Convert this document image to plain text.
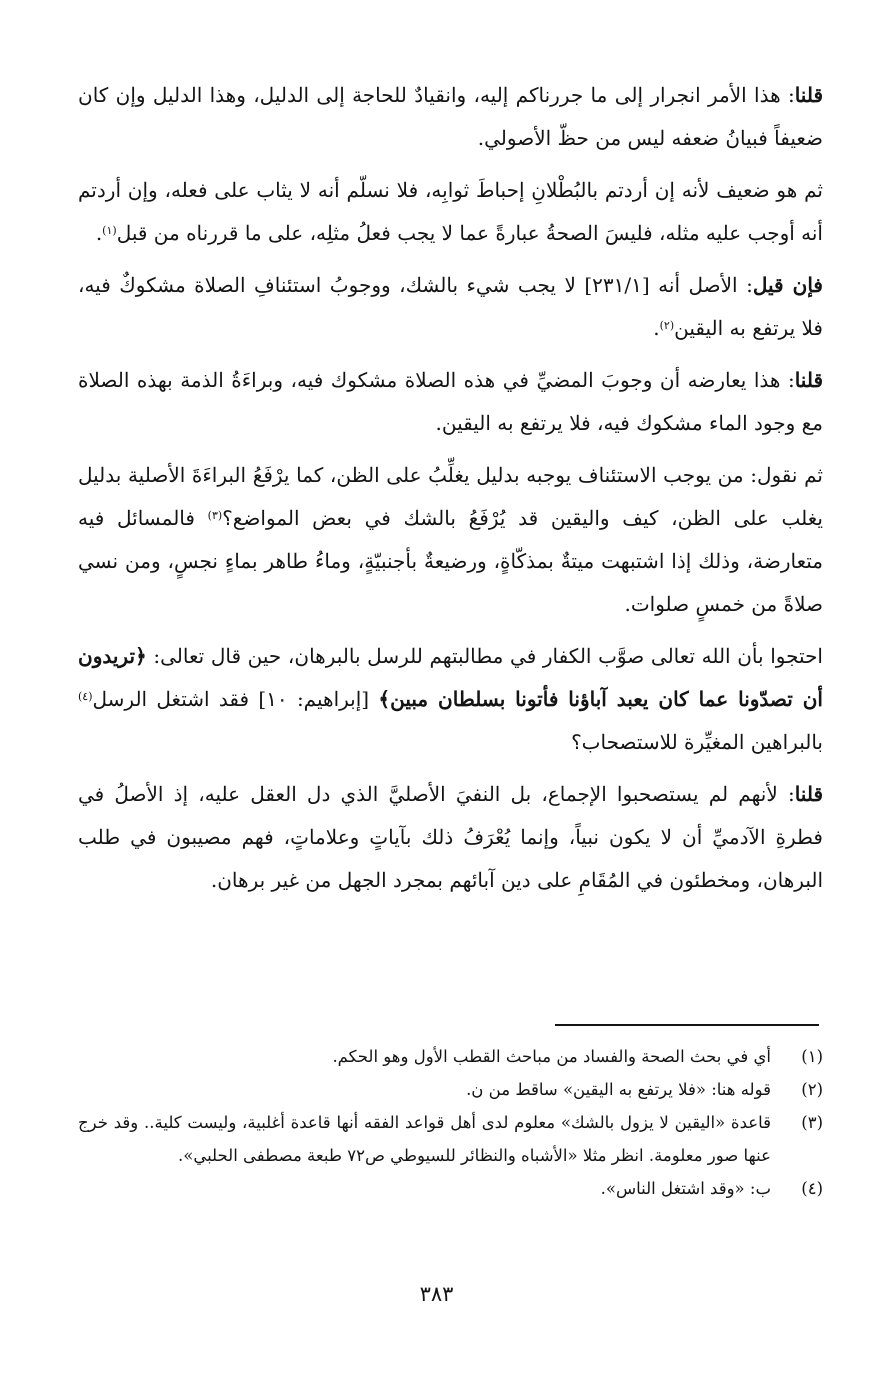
قلنا: هذا الأمر انجرار إلى ما جررناكم إليه، وانقيادٌ للحاجة إلى الدليل، وهذا الدليل وإن كان ضعيفاً فبيانُ ضعفه ليس من حظّ الأصولي.

ثم هو ضعيف لأنه إن أردتم بالبُطْلانِ إحباطَ ثوابِه، فلا نسلّم أنه لا يثاب على فعله، وإن أردتم أنه أوجب عليه مثله، فليسَ الصحةُ عبارةً عما لا يجب فعلُ مثلِه، على ما قررناه من قبل$^{(١)}$.

فإن قيل: الأصل أنه [٢٣١/١] لا يجب شيء بالشك، ووجوبُ استئنافِ الصلاة مشكوكٌ فيه، فلا يرتفع به اليقين$^{(٢)}$.

قلنا: هذا يعارضه أن وجوبَ المضيِّ في هذه الصلاة مشكوك فيه، وبراءَةُ الذمة بهذه الصلاة مع وجود الماء مشكوك فيه، فلا يرتفع به اليقين.

ثم نقول: من يوجب الاستئناف يوجبه بدليل يغلِّبُ على الظن، كما يرْفَعُ البراءَةَ الأصلية بدليل يغلب على الظن، كيف واليقين قد يُرْفَعُ بالشك في بعض المواضع؟$^{(٣)}$ فالمسائل فيه متعارضة، وذلك إذا اشتبهت ميتةٌ بمذكّاةٍ، ورضيعةٌ بأجنبيّةٍ، وماءُ طاهر بماءٍ نجسٍ، ومن نسي صلاةً من خمسٍ صلوات.

احتجوا بأن الله تعالى صوَّب الكفار في مطالبتهم للرسل بالبرهان، حين قال تعالى: ﴿تريدون أن تصدّونا عما كان يعبد آباؤنا فأتونا بسلطان مبين﴾ [إبراهيم: ١٠] فقد اشتغل الرسل$^{(٤)}$ بالبراهين المغيِّرة للاستصحاب؟

قلنا: لأنهم لم يستصحبوا الإجماع، بل النفيَ الأصليَّ الذي دل العقل عليه، إذ الأصلُ في فطرةِ الآدميِّ أن لا يكون نبياً، وإنما يُعْرَفُ ذلك بآياتٍ وعلاماتٍ، فهم مصيبون في طلب البرهان، ومخطئون في المُقَامِ على دين آبائهم بمجرد الجهل من غير برهان.

(١)
أي في بحث الصحة والفساد من مباحث القطب الأول وهو الحكم.
(٢)
قوله هنا: «فلا يرتفع به اليقين» ساقط من ن.
(٣)
قاعدة «اليقين لا يزول بالشك» معلوم لدى أهل قواعد الفقه أنها قاعدة أغلبية، وليست كلية.. وقد خرج عنها صور معلومة. انظر مثلا «الأشباه والنظائر للسيوطي ص٧٢ طبعة مصطفى الحلبي».
(٤)
ب: «وقد اشتغل الناس».
٣٨٣
